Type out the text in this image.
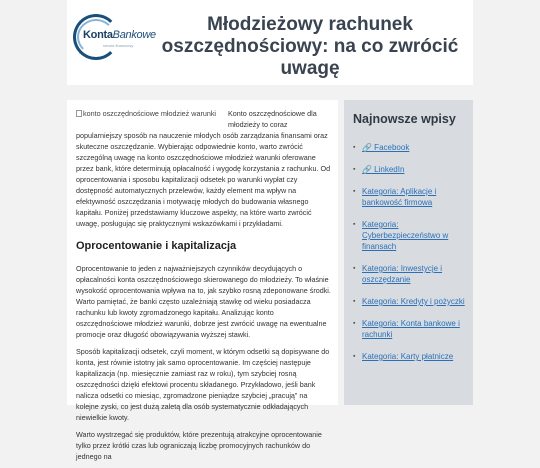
KontaBankowe
serwis finansowy
Młodzieżowy rachunek oszczędnościowy: na co zwrócić uwagę
konto oszczędnościowe młodzież warunki	Konto oszczędnościowe dla młodzieży to coraz popularniejszy sposób na nauczenie młodych osób zarządzania finansami oraz skuteczne oszczędzanie. Wybierając odpowiednie konto, warto zwrócić szczególną uwagę na konto oszczędnościowe młodzież warunki oferowane przez bank, które determinują opłacalność i wygodę korzystania z rachunku. Od oprocentowania i sposobu kapitalizacji odsetek po warunki wypłat czy dostępność automatycznych przelewów, każdy element ma wpływ na efektywność oszczędzania i motywację młodych do budowania własnego kapitału. Poniżej przedstawiamy kluczowe aspekty, na które warto zwrócić uwagę, posługując się praktycznymi wskazówkami i przykładami.

Oprocentowanie i kapitalizacja

Oprocentowanie to jeden z najważniejszych czynników decydujących o opłacalności konta oszczędnościowego skierowanego do młodzieży. To właśnie wysokość oprocentowania wpływa na to, jak szybko rosną zdeponowane środki. Warto pamiętać, że banki często uzależniają stawkę od wieku posiadacza rachunku lub kwoty zgromadzonego kapitału. Analizując konto oszczędnościowe młodzież warunki, dobrze jest zwrócić uwagę na ewentualne promocje oraz długość obowiązywania wyższej stawki.

Sposób kapitalizacji odsetek, czyli moment, w którym odsetki są dopisywane do konta, jest równie istotny jak samo oprocentowanie. Im częściej następuje kapitalizacja (np. miesięcznie zamiast raz w roku), tym szybciej rosną oszczędności dzięki efektowi procentu składanego. Przykładowo, jeśli bank nalicza odsetki co miesiąc, zgromadzone pieniądze szybciej „pracują” na kolejne zyski, co jest dużą zaletą dla osób systematycznie odkładających niewielkie kwoty.

Warto wystrzegać się produktów, które prezentują atrakcyjne oprocentowanie tylko przez krótki czas lub ograniczają liczbę promocyjnych rachunków do jednego na

Najnowsze wpisy
▪ 🔗 Facebook
▪ 🔗 LinkedIn
▪ Kategoria: Aplikacje i bankowość firmowa
▪ Kategoria: Cyberbezpieczeństwo w finansach
▪ Kategoria: Inwestycje i oszczędzanie
▪ Kategoria: Kredyty i pożyczki
▪ Kategoria: Konta bankowe i rachunki
▪ Kategoria: Karty płatnicze
